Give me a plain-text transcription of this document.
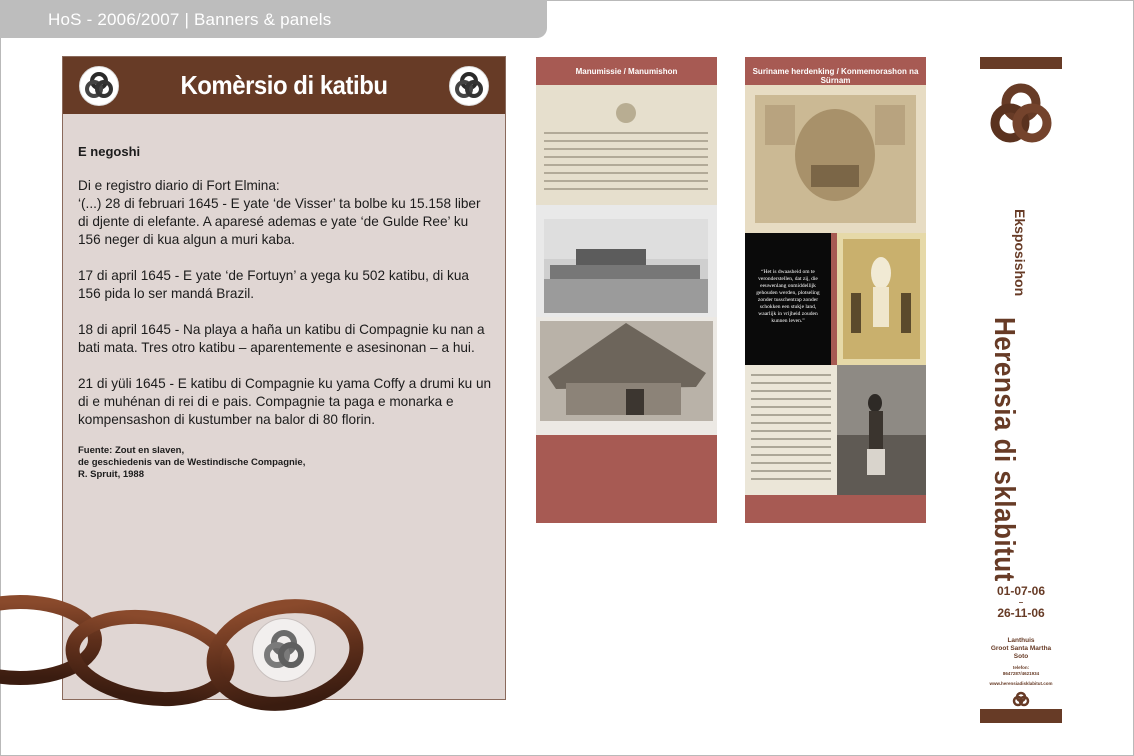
HoS - 2006/2007 | Banners & panels
Komèrsio di katibu
E negoshi

Di e registro diario di Fort Elmina:
‘(...) 28 di februari 1645 - E yate ‘de Visser’ ta bolbe ku 15.158 liber di djente di elefante. A aparesé ademas e yate ‘de Gulde Ree’ ku 156 neger di kua algun a muri kaba.

17 di april 1645 - E yate ‘de Fortuyn’ a yega ku 502 katibu, di kua 156 pida lo ser mandá Brazil.

18 di april 1645 - Na playa a haña un katibu di Compagnie ku nan a bati mata. Tres otro katibu – aparentemente e asesinonan – a hui.

21 di yüli 1645 - E katibu di Compagnie ku yama Coffy a drumi ku un di e muhénan di rei di e pais. Compagnie ta paga e monarka e kompensashon di kustumber na balor di 80 florin.

Fuente: Zout en slaven,
de geschiedenis van de Westindische Compagnie,
R. Spruit, 1988
Manumissie / Manumishon	Suriname herdenking / Konmemorashon na Sürnam
“Het is dwaasheid om te veronderstellen, dat zij, die eeuwenlang onmiddellijk gehouden werden, plotseling zonder tusschentrap zonder schokken een stukje land, waarlijk in vrijheid zouden kunnen leven.”
Eksposishon
Herensia di sklabitut
01-07-06
–
26-11-06
Lanthuis
Groot Santa Martha
Soto
telefon:
8647287/4621934
www.herensiadisklabitut.com
